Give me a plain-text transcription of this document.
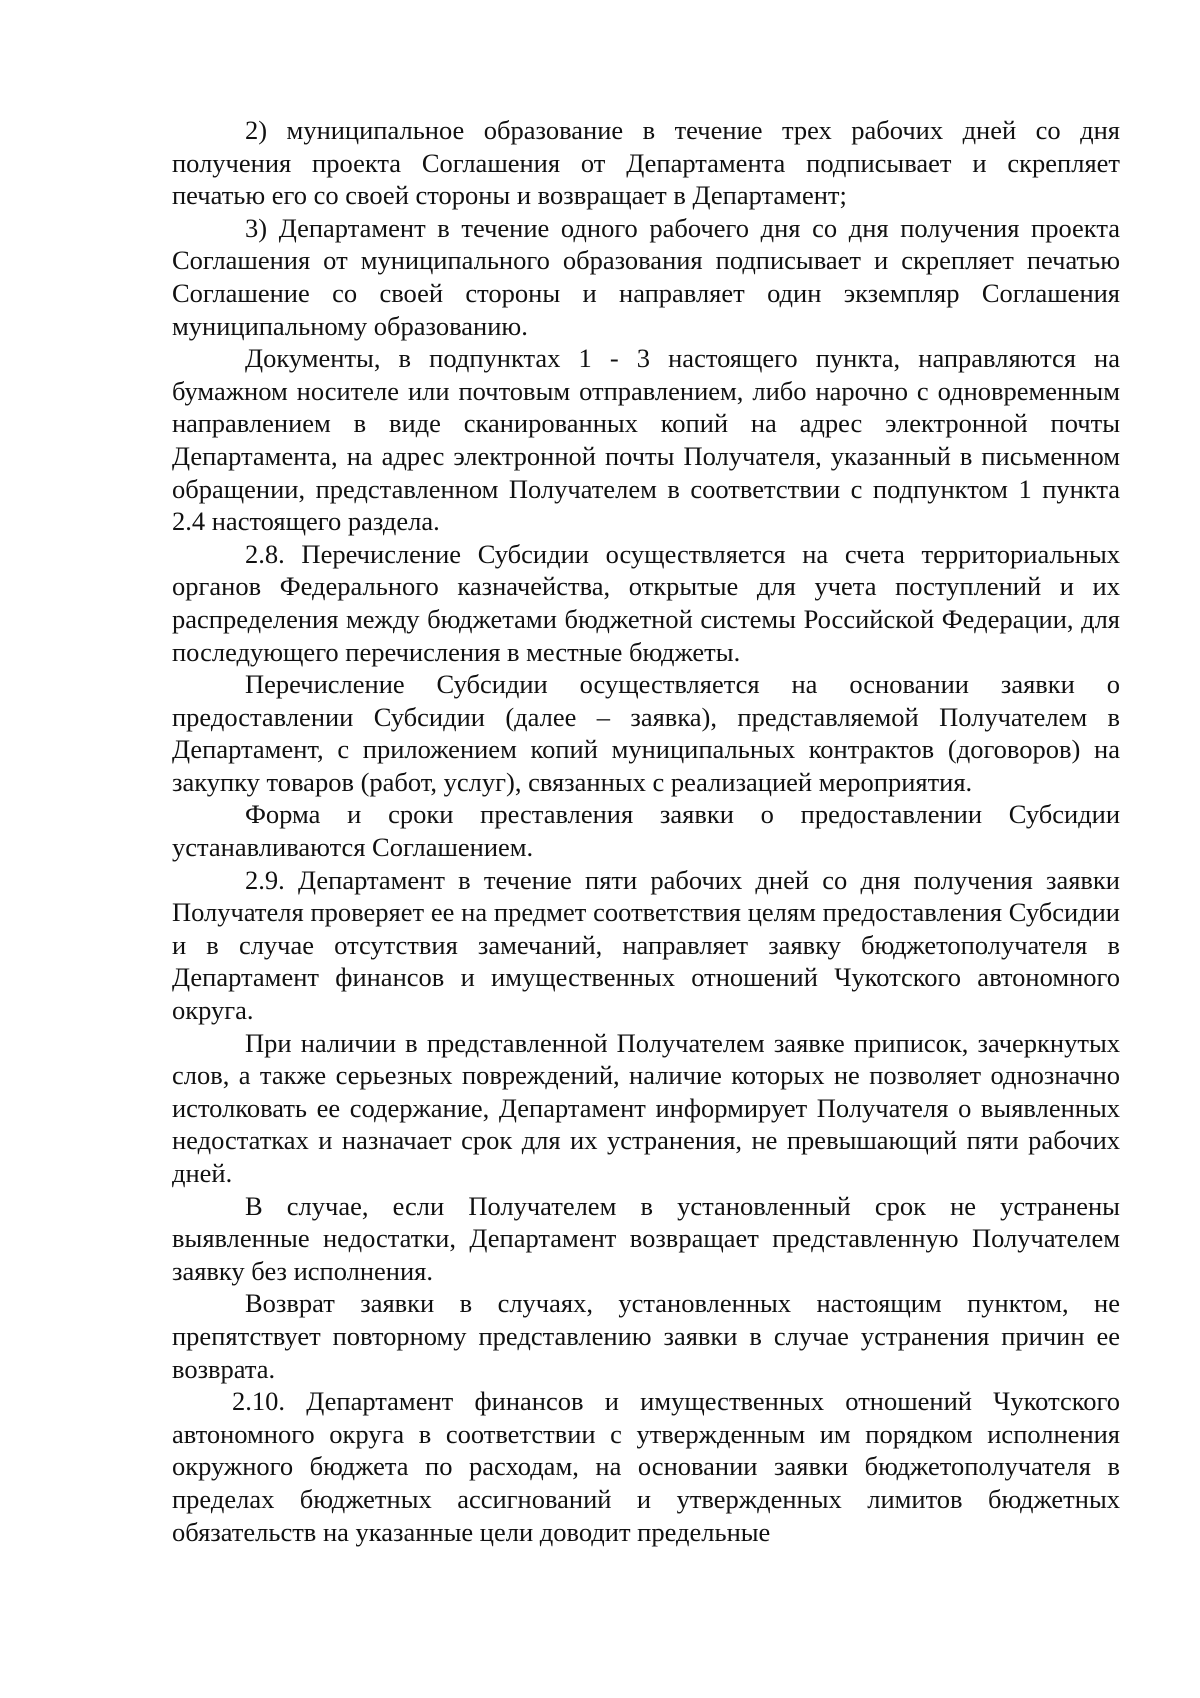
2) муниципальное образование в течение трех рабочих дней со дня получения проекта Соглашения от Департамента подписывает и скрепляет печатью его со своей стороны и возвращает в Департамент;

3) Департамент в течение одного рабочего дня со дня получения проекта Соглашения от муниципального образования подписывает и скрепляет печатью Соглашение со своей стороны и направляет один экземпляр Соглашения муниципальному образованию.

Документы, в подпунктах 1 - 3 настоящего пункта, направляются на бумажном носителе или почтовым отправлением, либо нарочно с одновременным направлением в виде сканированных копий на адрес электронной почты Департамента, на адрес электронной почты Получателя, указанный в письменном обращении, представленном Получателем в соответствии с подпунктом 1 пункта 2.4 настоящего раздела.

2.8. Перечисление Субсидии осуществляется на счета территориальных органов Федерального казначейства, открытые для учета поступлений и их распределения между бюджетами бюджетной системы Российской Федерации, для последующего перечисления в местные бюджеты.

Перечисление Субсидии осуществляется на основании заявки о предоставлении Субсидии (далее – заявка), представляемой Получателем в Департамент, с приложением копий муниципальных контрактов (договоров) на закупку товаров (работ, услуг), связанных с реализацией мероприятия.

Форма и сроки преставления заявки о предоставлении Субсидии устанавливаются Соглашением.

2.9. Департамент в течение пяти рабочих дней со дня получения заявки Получателя проверяет ее на предмет соответствия целям предоставления Субсидии и в случае отсутствия замечаний, направляет заявку бюджетополучателя в Департамент финансов и имущественных отношений Чукотского автономного округа.

При наличии в представленной Получателем заявке приписок, зачеркнутых слов, а также серьезных повреждений, наличие которых не позволяет однозначно истолковать ее содержание, Департамент информирует Получателя о выявленных недостатках и назначает срок для их устранения, не превышающий пяти рабочих дней.

В случае, если Получателем в установленный срок не устранены выявленные недостатки, Департамент возвращает представленную Получателем заявку без исполнения.

Возврат заявки в случаях, установленных настоящим пунктом, не препятствует повторному представлению заявки в случае устранения причин ее возврата.

2.10. Департамент финансов и имущественных отношений Чукотского автономного округа в соответствии с утвержденным им порядком исполнения окружного бюджета по расходам, на основании заявки бюджетополучателя в пределах бюджетных ассигнований и утвержденных лимитов бюджетных обязательств на указанные цели доводит предельные
